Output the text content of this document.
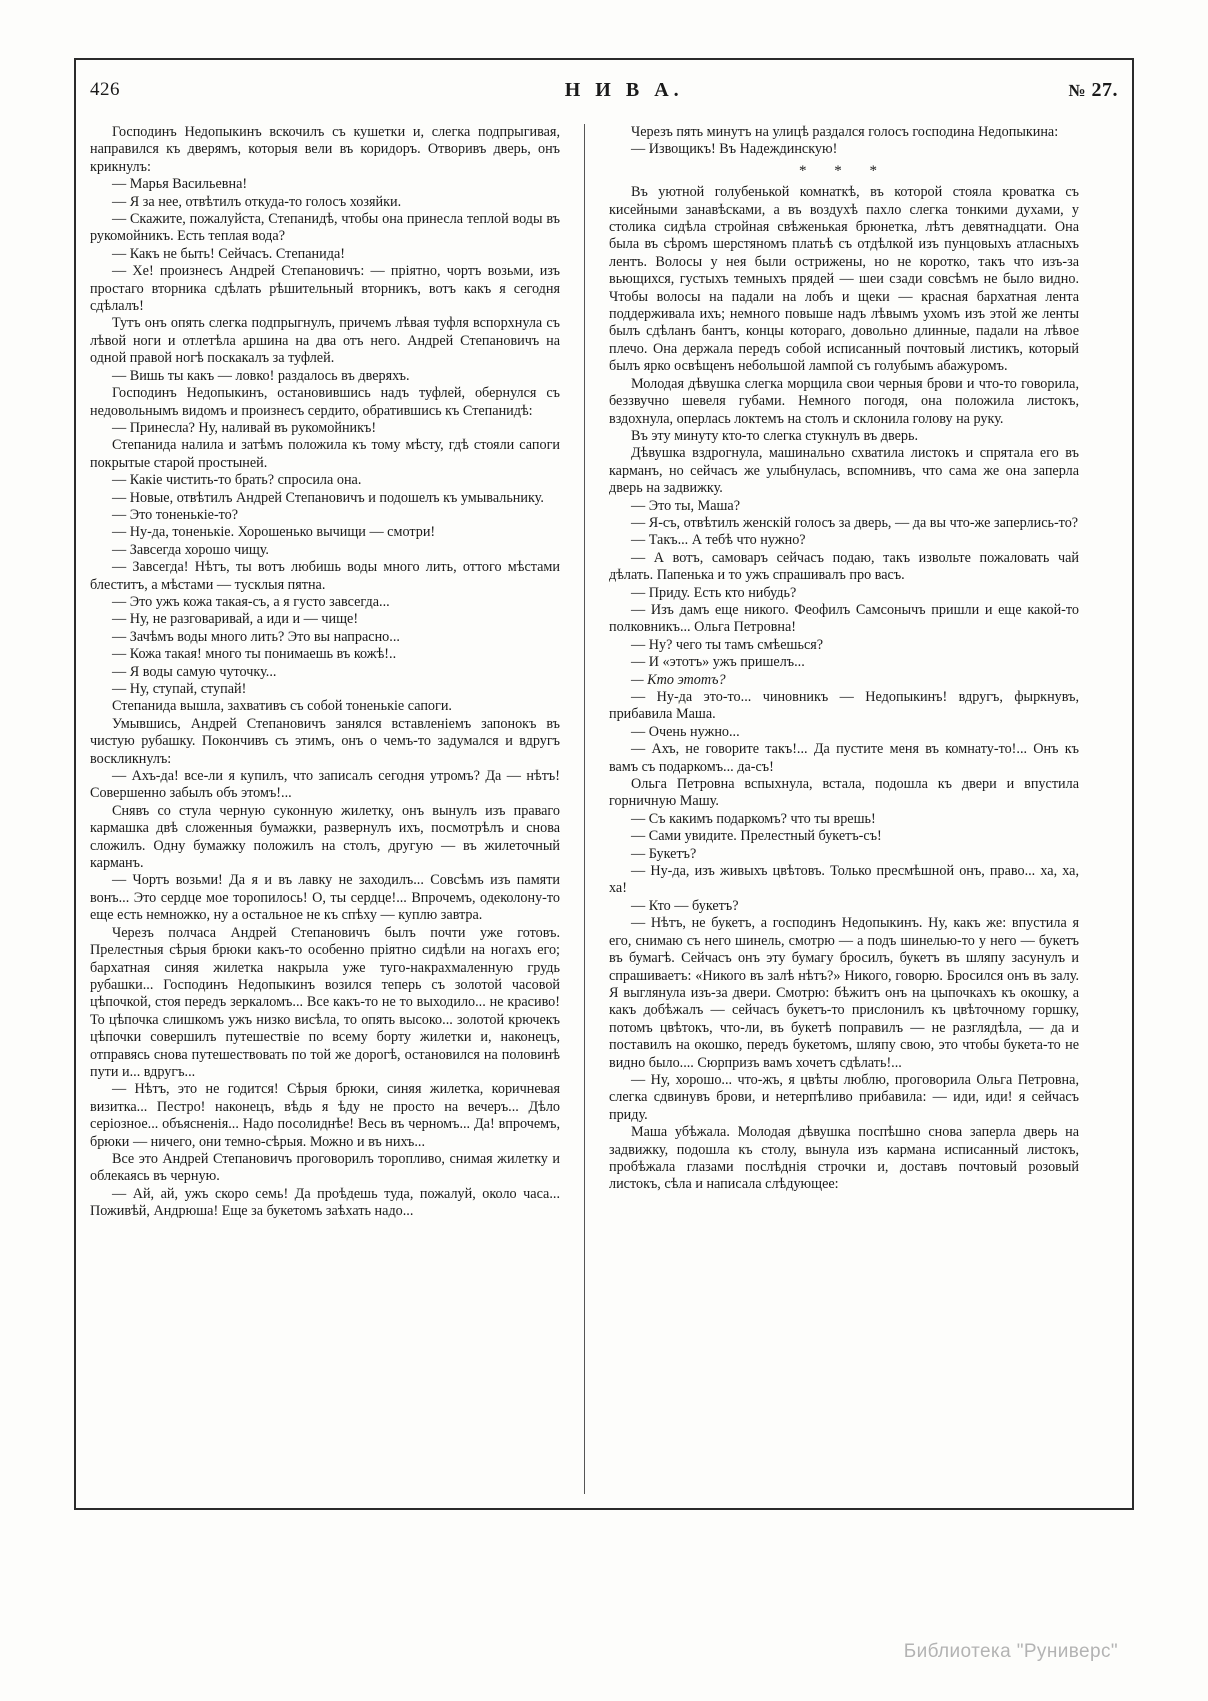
426	Н И В А.	№ 27.

Господинъ Недопыкинъ вскочилъ съ кушетки и, слегка подпрыгивая, направился къ дверямъ, которыя вели въ коридоръ. Отворивъ дверь, онъ крикнулъ:

— Марья Васильевна!

— Я за нее, отвѣтилъ откуда-то голосъ хозяйки.

— Скажите, пожалуйста, Степанидѣ, чтобы она принесла теплой воды въ рукомойникъ. Есть теплая вода?

— Какъ не быть! Сейчасъ. Степанида!

— Хе! произнесъ Андрей Степановичъ: — прiятно, чортъ возьми, изъ простаго вторника сдѣлать рѣшительный вторникъ, вотъ какъ я сегодня сдѣлалъ!

Тутъ онъ опять слегка подпрыгнулъ, причемъ лѣвая туфля вспорхнула съ лѣвой ноги и отлетѣла аршина на два отъ него. Андрей Степановичъ на одной правой ногѣ поскакалъ за туфлей.

— Вишь ты какъ — ловко! раздалось въ дверяхъ.

Господинъ Недопыкинъ, остановившись надъ туфлей, обернулся съ недовольнымъ видомъ и произнесъ сердито, обратившись къ Степанидѣ:

— Принесла? Ну, наливай въ рукомойникъ!

Степанида налила и затѣмъ положила къ тому мѣсту, гдѣ стояли сапоги покрытые старой простыней.

— Какiе чистить-то брать? спросила она.

— Новые, отвѣтилъ Андрей Степановичъ и подошелъ къ умывальнику.

— Это тоненькiе-то?

— Ну-да, тоненькiе. Хорошенько вычищи — смотри!

— Завсегда хорошо чищу.

— Завсегда! Нѣтъ, ты вотъ любишь воды много лить, оттого мѣстами блеститъ, а мѣстами — тусклыя пятна.

— Это ужъ кожа такая-съ, а я густо завсегда...

— Ну, не разговаривай, а иди и — чище!

— Зачѣмъ воды много лить? Это вы напрасно...

— Кожа такая! много ты понимаешь въ кожѣ!..

— Я воды самую чуточку...

— Ну, ступай, ступай!

Степанида вышла, захвативъ съ собой тоненькiе сапоги.

Умывшись, Андрей Степановичъ занялся вставленiемъ запонокъ въ чистую рубашку. Покончивъ съ этимъ, онъ о чемъ-то задумался и вдругъ воскликнулъ:

— Ахъ-да! все-ли я купилъ, что записалъ сегодня утромъ? Да — нѣтъ! Совершенно забылъ объ этомъ!...

Снявъ со стула черную суконную жилетку, онъ вынулъ изъ праваго кармашка двѣ сложенныя бумажки, развернулъ ихъ, посмотрѣлъ и снова сложилъ. Одну бумажку положилъ на столъ, другую — въ жилеточный карманъ.

— Чортъ возьми! Да я и въ лавку не заходилъ... Совсѣмъ изъ памяти вонъ... Это сердце мое торопилось! О, ты сердце!... Впрочемъ, одеколону-то еще есть немножко, ну а остальное не къ спѣху — куплю завтра.

Черезъ полчаса Андрей Степановичъ былъ почти уже готовъ. Прелестныя сѣрыя брюки какъ-то особенно прiятно сидѣли на ногахъ его; бархатная синяя жилетка накрыла уже туго-накрахмаленную грудь рубашки... Господинъ Недопыкинъ возился теперь съ золотой часовой цѣпочкой, стоя передъ зеркаломъ... Все какъ-то не то выходило... не красиво! То цѣпочка слишкомъ ужъ низко висѣла, то опять высоко... золотой крючекъ цѣпочки совершилъ путешествiе по всему борту жилетки и, наконецъ, отправясь снова путешествовать по той же дорогѣ, остановился на половинѣ пути и... вдругъ...

— Нѣтъ, это не годится! Сѣрыя брюки, синяя жилетка, коричневая визитка... Пестро! наконецъ, вѣдь я ѣду не просто на вечеръ... Дѣло серiозное... объясненiя... Надо посолиднѣе! Весь въ черномъ... Да! впрочемъ, брюки — ничего, они темно-сѣрыя. Можно и въ нихъ...

Все это Андрей Степановичъ проговорилъ торопливо, снимая жилетку и облекаясь въ черную.

— Ай, ай, ужъ скоро семь! Да проѣдешь туда, пожалуй, около часа... Поживѣй, Андрюша! Еще за букетомъ заѣхать надо...

Черезъ пять минутъ на улицѣ раздался голосъ господина Недопыкина:

— Извощикъ! Въ Надеждинскую!

* * *

Въ уютной голубенькой комнаткѣ, въ которой стояла кроватка съ кисейными занавѣсками, а въ воздухѣ пахло слегка тонкими духами, у столика сидѣла стройная свѣженькая брюнетка, лѣтъ девятнадцати. Она была въ сѣромъ шерстяномъ платьѣ съ отдѣлкой изъ пунцовыхъ атласныхъ лентъ. Волосы у нея были острижены, но не коротко, такъ что изъ-за вьющихся, густыхъ темныхъ прядей — шеи сзади совсѣмъ не было видно. Чтобы волосы на падали на лобъ и щеки — красная бархатная лента поддерживала ихъ; немного повыше надъ лѣвымъ ухомъ изъ этой же ленты былъ сдѣланъ бантъ, концы котораго, довольно длинные, падали на лѣвое плечо. Она держала передъ собой исписанный почтовый листикъ, который былъ ярко освѣщенъ небольшой лампой съ голубымъ абажуромъ.

Молодая дѣвушка слегка морщила свои черныя брови и что-то говорила, беззвучно шевеля губами. Немного погодя, она положила листокъ, вздохнула, оперлась локтемъ на столъ и склонила голову на руку.

Въ эту минуту кто-то слегка стукнулъ въ дверь.

Дѣвушка вздрогнула, машинально схватила листокъ и спрятала его въ карманъ, но сейчасъ же улыбнулась, вспомнивъ, что сама же она заперла дверь на задвижку.

— Это ты, Маша?

— Я-съ, отвѣтилъ женскiй голосъ за дверь, — да вы что-же заперлись-то?

— Такъ... А тебѣ что нужно?

— А вотъ, самоваръ сейчасъ подаю, такъ извольте пожаловать чай дѣлать. Папенька и то ужъ спрашивалъ про васъ.

— Приду. Есть кто нибудь?

— Изъ дамъ еще никого. Феофилъ Самсонычъ пришли и еще какой-то полковникъ... Ольга Петровна!

— Ну? чего ты тамъ смѣешься?

— И «этотъ» ужъ пришелъ...

— Кто этотъ?

— Ну-да это-то... чиновникъ — Недопыкинъ! вдругъ, фыркнувъ, прибавила Маша.

— Очень нужно...

— Ахъ, не говорите такъ!... Да пустите меня въ комнату-то!... Онъ къ вамъ съ подаркомъ... да-съ!

Ольга Петровна вспыхнула, встала, подошла къ двери и впустила горничную Машу.

— Съ какимъ подаркомъ? что ты врешь!

— Сами увидите. Прелестный букетъ-съ!

— Букетъ?

— Ну-да, изъ живыхъ цвѣтовъ. Только пресмѣшной онъ, право... ха, ха, ха!

— Кто — букетъ?

— Нѣтъ, не букетъ, а господинъ Недопыкинъ. Ну, какъ же: впустила я его, снимаю съ него шинель, смотрю — а подъ шинелью-то у него — букетъ въ бумагѣ. Сейчасъ онъ эту бумагу бросилъ, букетъ въ шляпу засунулъ и спрашиваетъ: «Никого въ залѣ нѣтъ?» Никого, говорю. Бросился онъ въ залу. Я выглянула изъ-за двери. Смотрю: бѣжитъ онъ на цыпочкахъ къ окошку, а какъ добѣжалъ — сейчасъ букетъ-то прислонилъ къ цвѣточному горшку, потомъ цвѣтокъ, что-ли, въ букетѣ поправилъ — не разглядѣла, — да и поставилъ на окошко, передъ букетомъ, шляпу свою, это чтобы букета-то не видно было.... Сюрпризъ вамъ хочетъ сдѣлать!...

— Ну, хорошо... что-жъ, я цвѣты люблю, проговорила Ольга Петровна, слегка сдвинувъ брови, и нетерпѣливо прибавила: — иди, иди! я сейчасъ приду.

Маша убѣжала. Молодая дѣвушка поспѣшно снова заперла дверь на задвижку, подошла къ столу, вынула изъ кармана исписанный листокъ, пробѣжала глазами послѣднiя строчки и, доставъ почтовый розовый листокъ, сѣла и написала слѣдующее:

Библиотека "Руниверс"
